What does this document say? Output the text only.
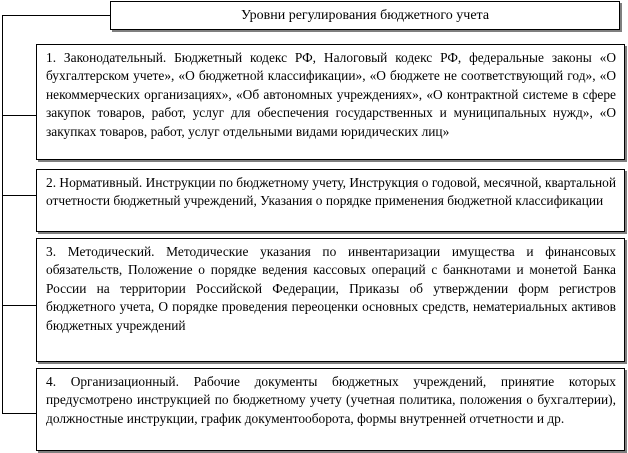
Уровни регулирования бюджетного учета
1. Законодательный. Бюджетный кодекс РФ, Налоговый кодекс РФ, федеральные законы «О бухгалтерском учете», «О бюджетной классификации», «О бюджете не соответствующий год», «О некоммерческих организациях», «Об автономных учреждениях», «О контрактной системе в сфере закупок товаров, работ, услуг для обеспечения государственных и муниципальных нужд», «О закупках товаров, работ, услуг отдельными видами юридических лиц»
2. Нормативный. Инструкции по бюджетному учету, Инструкция о годовой, месячной, квартальной отчетности бюджетный учреждений, Указания о порядке применения бюджетной классификации
3. Методический. Методические указания по инвентаризации имущества и финансовых обязательств, Положение о порядке ведения кассовых операций с банкнотами и монетой Банка России на территории Российской Федерации, Приказы об утверждении форм регистров бюджетного учета, О порядке проведения переоценки основных средств, нематериальных активов бюджетных учреждений
4. Организационный. Рабочие документы бюджетных учреждений, принятие которых предусмотрено инструкцией по бюджетному учету (учетная политика, положения о бухгалтерии), должностные инструкции, график документооборота, формы внутренней отчетности и др.
